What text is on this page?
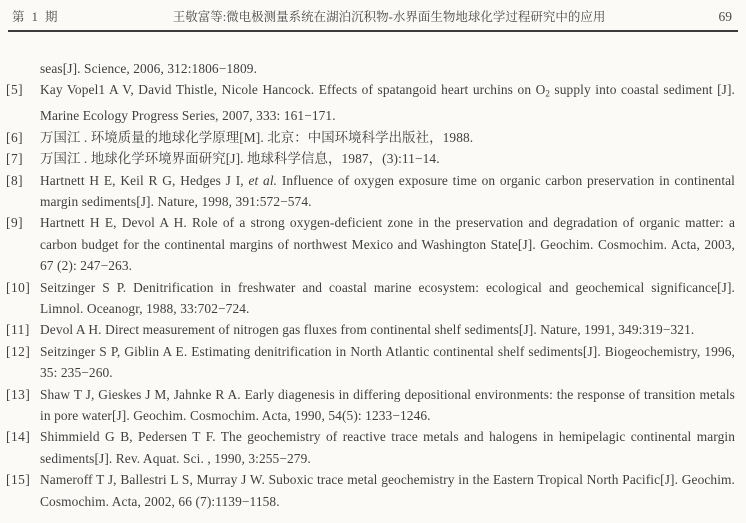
第 1 期	王敬富等:微电极测量系统在湖泊沉积物-水界面生物地球化学过程研究中的应用	69

seas[J]. Science, 2006, 312:1806−1809.

[5] Kay Vopel1 A V, David Thistle, Nicole Hancock. Effects of spatangoid heart urchins on O2 supply into coastal sediment [J]. Marine Ecology Progress Series, 2007, 333: 161−171.

[6] 万国江 . 环境质量的地球化学原理[M]. 北京：中国环境科学出版社，1988.

[7] 万国江 . 地球化学环境界面研究[J]. 地球科学信息，1987，(3):11−14.

[8] Hartnett H E, Keil R G, Hedges J I, et al. Influence of oxygen exposure time on organic carbon preservation in continental margin sediments[J]. Nature, 1998, 391:572−574.

[9] Hartnett H E, Devol A H. Role of a strong oxygen-deficient zone in the preservation and degradation of organic matter: a carbon budget for the continental margins of northwest Mexico and Washington State[J]. Geochim. Cosmochim. Acta, 2003, 67 (2): 247−263.

[10] Seitzinger S P. Denitrification in freshwater and coastal marine ecosystem: ecological and geochemical significance[J]. Limnol. Oceanogr, 1988, 33:702−724.

[11] Devol A H. Direct measurement of nitrogen gas fluxes from continental shelf sediments[J]. Nature, 1991, 349:319−321.

[12] Seitzinger S P, Giblin A E. Estimating denitrification in North Atlantic continental shelf sediments[J]. Biogeochemistry, 1996, 35: 235−260.

[13] Shaw T J, Gieskes J M, Jahnke R A. Early diagenesis in differing depositional environments: the response of transition metals in pore water[J]. Geochim. Cosmochim. Acta, 1990, 54(5): 1233−1246.

[14] Shimmield G B, Pedersen T F. The geochemistry of reactive trace metals and halogens in hemipelagic continental margin sediments[J]. Rev. Aquat. Sci. , 1990, 3:255−279.

[15] Nameroff T J, Ballestri L S, Murray J W. Suboxic trace metal geochemistry in the Eastern Tropical North Pacific[J]. Geochim. Cosmochim. Acta, 2002, 66 (7):1139−1158.
